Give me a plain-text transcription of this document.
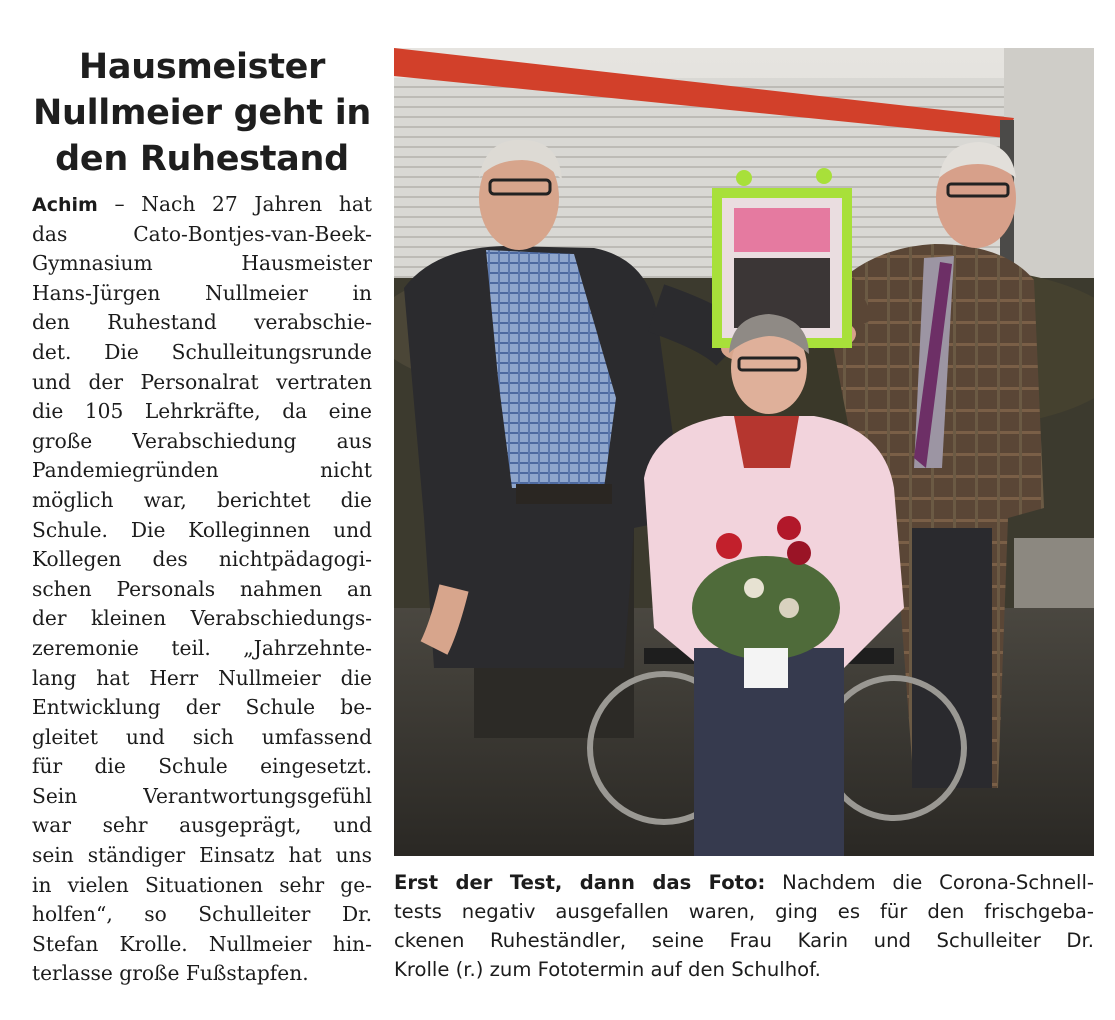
Hausmeister
Nullmeier geht in
den Ruhestand
Achim – Nach 27 Jahren hat
das Cato-Bontjes-van-Beek-
Gymnasium Hausmeister
Hans-Jürgen Nullmeier in
den Ruhestand verabschie-
det. Die Schulleitungsrunde
und der Personalrat vertraten
die 105 Lehrkräfte, da eine
große Verabschiedung aus
Pandemiegründen nicht
möglich war, berichtet die
Schule. Die Kolleginnen und
Kollegen des nichtpädagogi-
schen Personals nahmen an
der kleinen Verabschiedungs-
zeremonie teil. „Jahrzehnte-
lang hat Herr Nullmeier die
Entwicklung der Schule be-
gleitet und sich umfassend
für die Schule eingesetzt.
Sein Verantwortungsgefühl
war sehr ausgeprägt, und
sein ständiger Einsatz hat uns
in vielen Situationen sehr ge-
holfen“, so Schulleiter Dr.
Stefan Krolle. Nullmeier hin-
terlasse große Fußstapfen.
Erst der Test, dann das Foto: Nachdem die Corona-Schnell-
tests negativ ausgefallen waren, ging es für den frischgeba-
ckenen Ruheständler, seine Frau Karin und Schulleiter Dr.
Krolle (r.) zum Fototermin auf den Schulhof.
